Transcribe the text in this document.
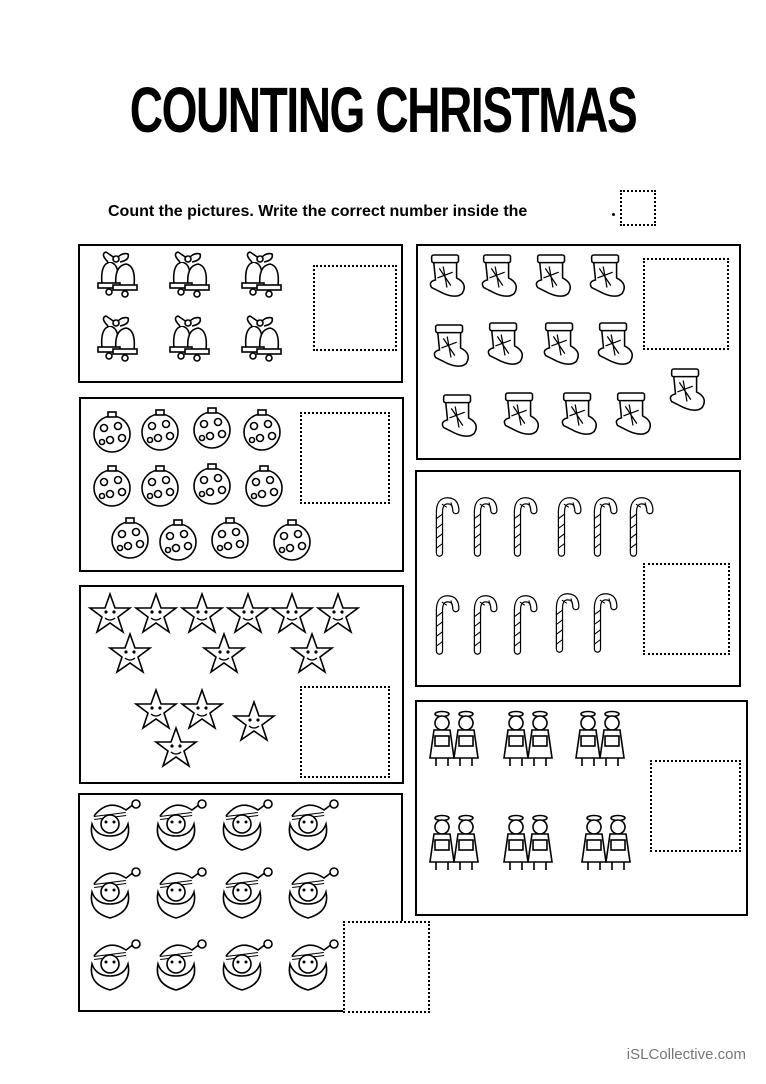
COUNTING CHRISTMAS
Count the pictures. Write the correct number inside the
iSLCollective.com
